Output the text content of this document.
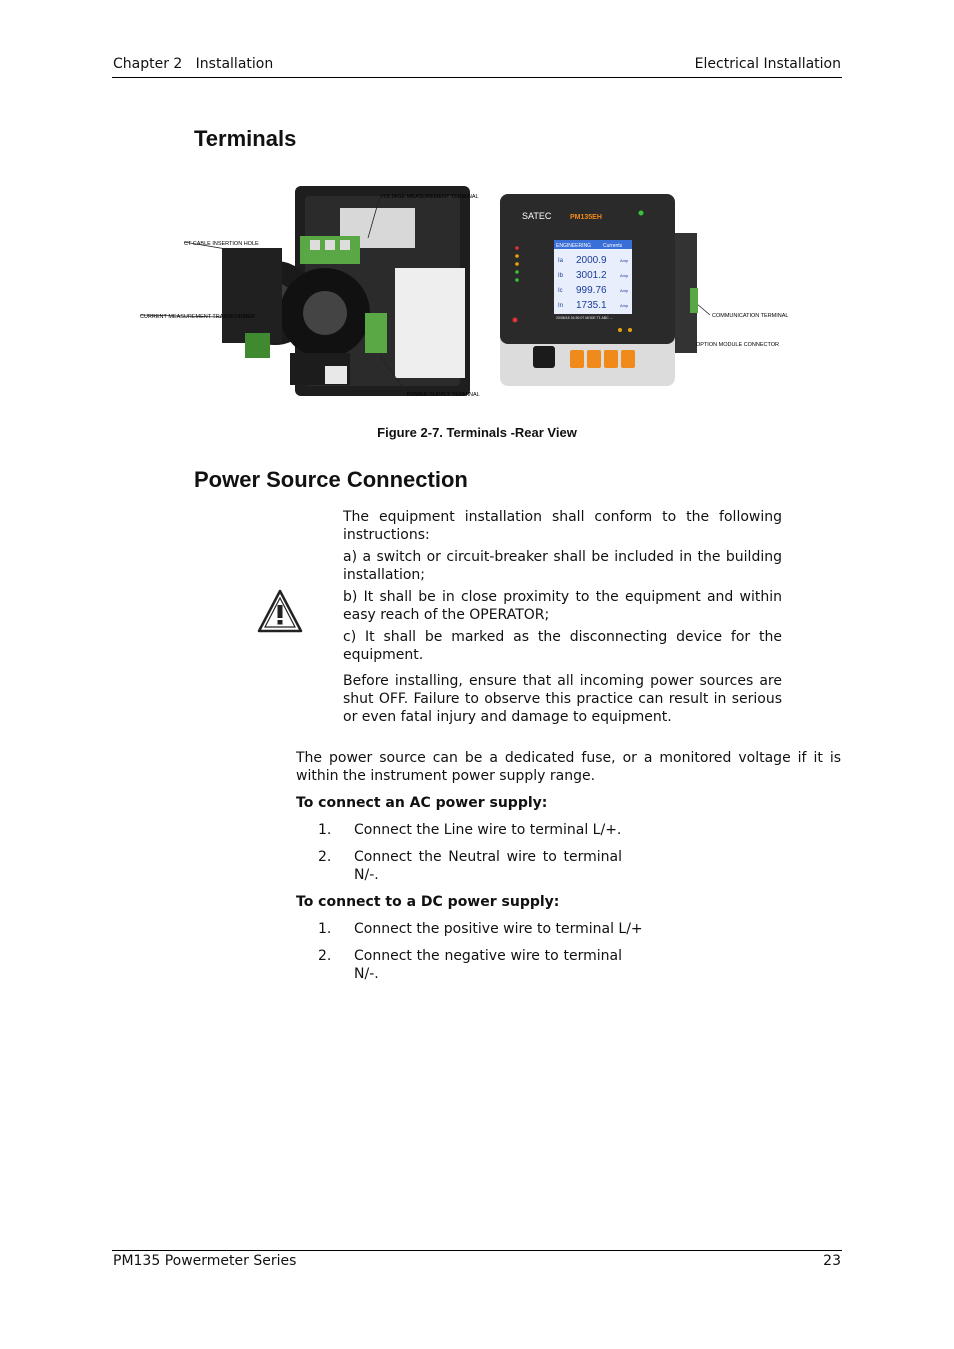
Chapter 2   Installation	Electrical Installation
Terminals
SATEC	PM135EH
ENGINEERING Currents
Ia 2000.9	Amp
Ib 3001.2	Amp
Ic 999.76	Amp
In 1735.1	Amp
20/08/18 16:30:07 MODE T1 ABC →
VOLTAGE MEASUREMENT TERMINAL
CT CABLE INSERTION HOLE
CURRENT MEASUREMENT TRANSFORMER
POWER SUPPLY TERMINAL
COMMUNICATION TERMINAL
OPTION MODULE CONNECTOR
Figure 2-7. Terminals -Rear View
Power Source Connection

The equipment installation shall conform to the following instructions:

a) a switch or circuit-breaker shall be included in the building installation;

b) It shall be in close proximity to the equipment and within easy reach of the OPERATOR;

c) It shall be marked as the disconnecting device for the equipment.

Before installing, ensure that all incoming power sources are shut OFF. Failure to observe this practice can result in serious or even fatal injury and damage to equipment.

The power source can be a dedicated fuse, or a monitored voltage if it is within the instrument power supply range.

To connect an AC power supply:

1. Connect the Line wire to terminal L/+.
2. Connect the Neutral wire to terminal N/-.

To connect to a DC power supply:

1. Connect the positive wire to terminal L/+
2. Connect the negative wire to terminal N/-.
PM135 Powermeter Series	23
